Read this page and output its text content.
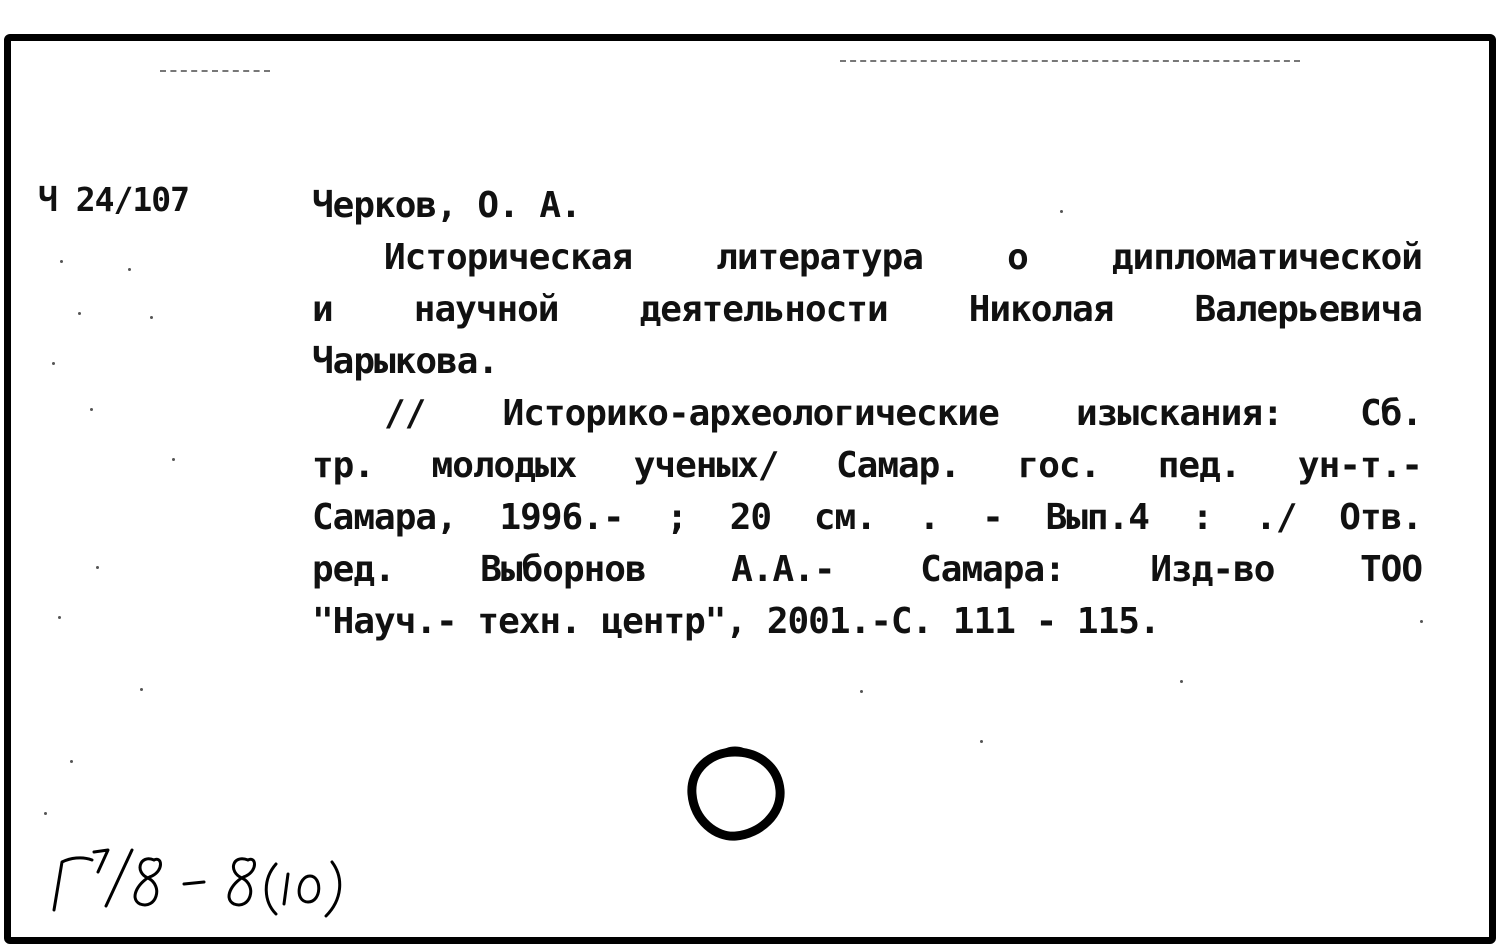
Ч 24/107	Черков, О. А.
Историческая литература о дипломатической
и научной деятельности Николая Валерьевича
Чарыкова.
// Историко-археологические изыскания: Сб.
тр. молодых ученых/ Самар. гос. пед. ун-т.-
Самара, 1996.- ; 20 см. . - Вып.4 : ./ Отв.
ред. Выборнов А.А.- Самара: Изд-во ТОО
"Науч.- техн. центр", 2001.-С. 111 - 115.
